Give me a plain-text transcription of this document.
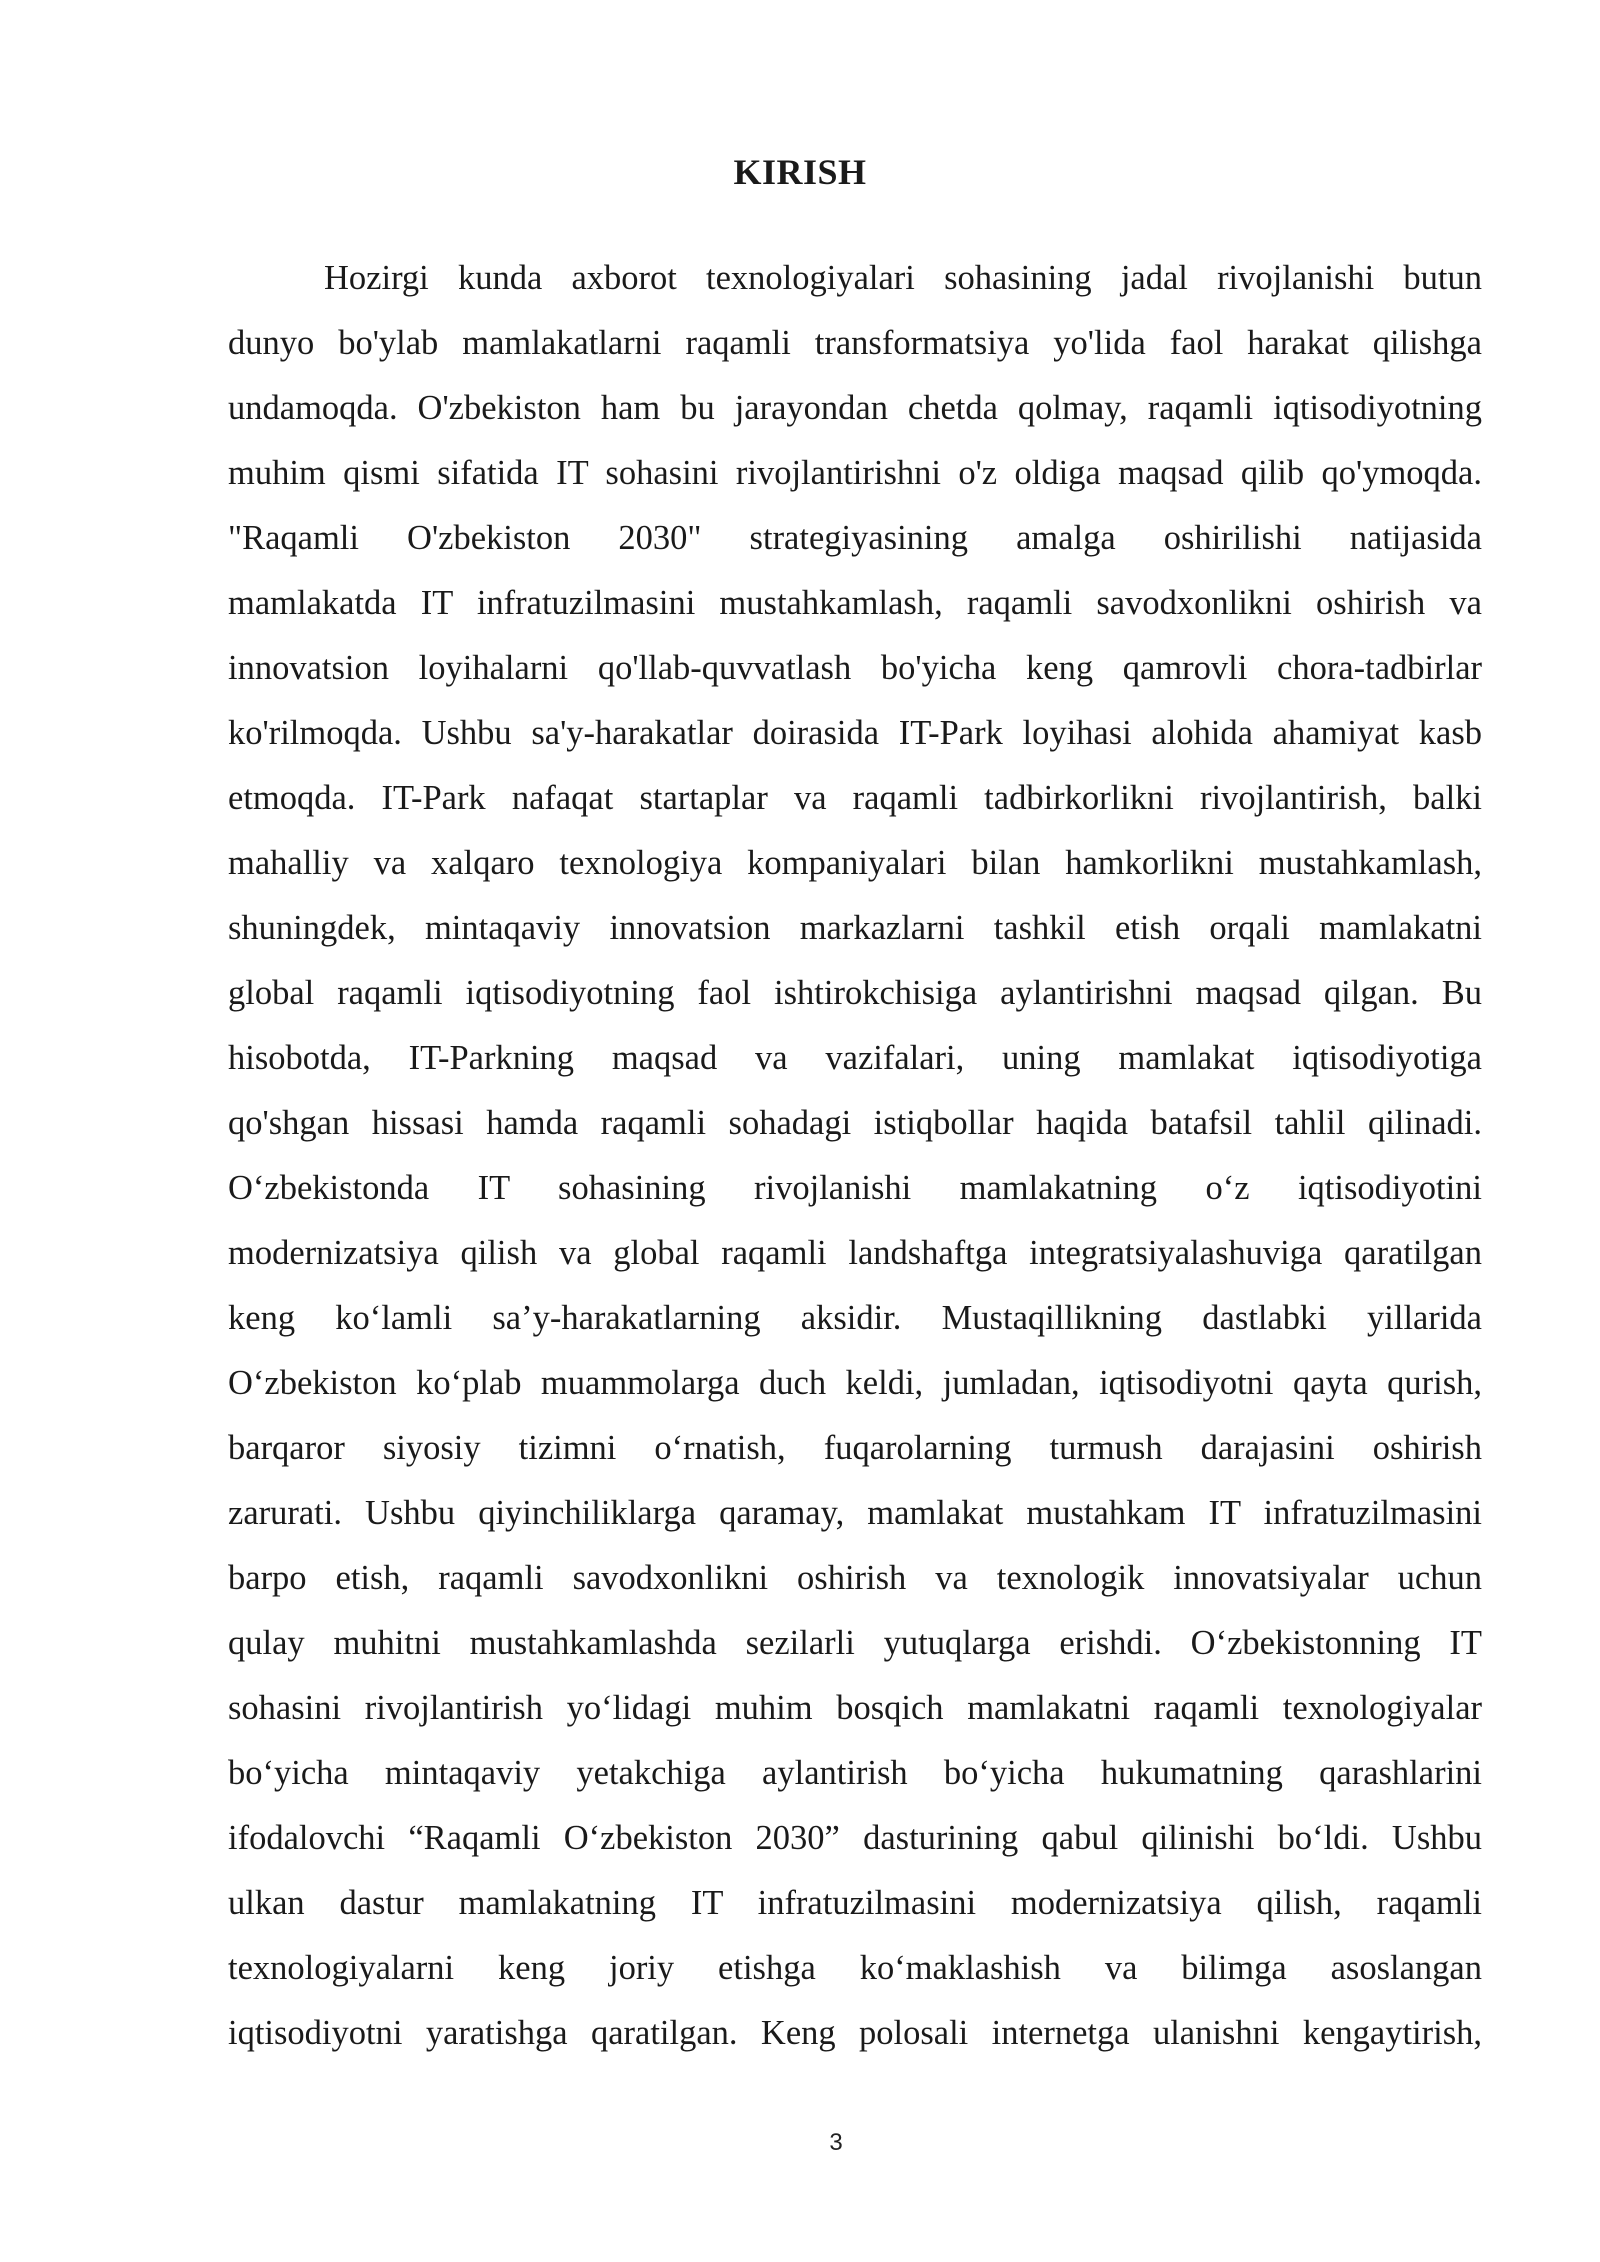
KIRISH
Hozirgi kunda axborot texnologiyalari sohasining jadal rivojlanishi butun
dunyo bo'ylab mamlakatlarni raqamli transformatsiya yo'lida faol harakat qilishga
undamoqda. O'zbekiston ham bu jarayondan chetda qolmay, raqamli iqtisodiyotning
muhim qismi sifatida IT sohasini rivojlantirishni o'z oldiga maqsad qilib qo'ymoqda.
"Raqamli O'zbekiston 2030" strategiyasining amalga oshirilishi natijasida
mamlakatda IT infratuzilmasini mustahkamlash, raqamli savodxonlikni oshirish va
innovatsion loyihalarni qo'llab-quvvatlash bo'yicha keng qamrovli chora-tadbirlar
ko'rilmoqda. Ushbu sa'y-harakatlar doirasida IT-Park loyihasi alohida ahamiyat kasb
etmoqda. IT-Park nafaqat startaplar va raqamli tadbirkorlikni rivojlantirish, balki
mahalliy va xalqaro texnologiya kompaniyalari bilan hamkorlikni mustahkamlash,
shuningdek, mintaqaviy innovatsion markazlarni tashkil etish orqali mamlakatni
global raqamli iqtisodiyotning faol ishtirokchisiga aylantirishni maqsad qilgan. Bu
hisobotda, IT-Parkning maqsad va vazifalari, uning mamlakat iqtisodiyotiga
qo'shgan hissasi hamda raqamli sohadagi istiqbollar haqida batafsil tahlil qilinadi.
O‘zbekistonda IT sohasining rivojlanishi mamlakatning o‘z iqtisodiyotini
modernizatsiya qilish va global raqamli landshaftga integratsiyalashuviga qaratilgan
keng ko‘lamli sa’y-harakatlarning aksidir. Mustaqillikning dastlabki yillarida
O‘zbekiston ko‘plab muammolarga duch keldi, jumladan, iqtisodiyotni qayta qurish,
barqaror siyosiy tizimni o‘rnatish, fuqarolarning turmush darajasini oshirish
zarurati. Ushbu qiyinchiliklarga qaramay, mamlakat mustahkam IT infratuzilmasini
barpo etish, raqamli savodxonlikni oshirish va texnologik innovatsiyalar uchun
qulay muhitni mustahkamlashda sezilarli yutuqlarga erishdi. O‘zbekistonning IT
sohasini rivojlantirish yo‘lidagi muhim bosqich mamlakatni raqamli texnologiyalar
bo‘yicha mintaqaviy yetakchiga aylantirish bo‘yicha hukumatning qarashlarini
ifodalovchi “Raqamli O‘zbekiston 2030” dasturining qabul qilinishi bo‘ldi. Ushbu
ulkan dastur mamlakatning IT infratuzilmasini modernizatsiya qilish, raqamli
texnologiyalarni keng joriy etishga ko‘maklashish va bilimga asoslangan
iqtisodiyotni yaratishga qaratilgan. Keng polosali internetga ulanishni kengaytirish,
3
